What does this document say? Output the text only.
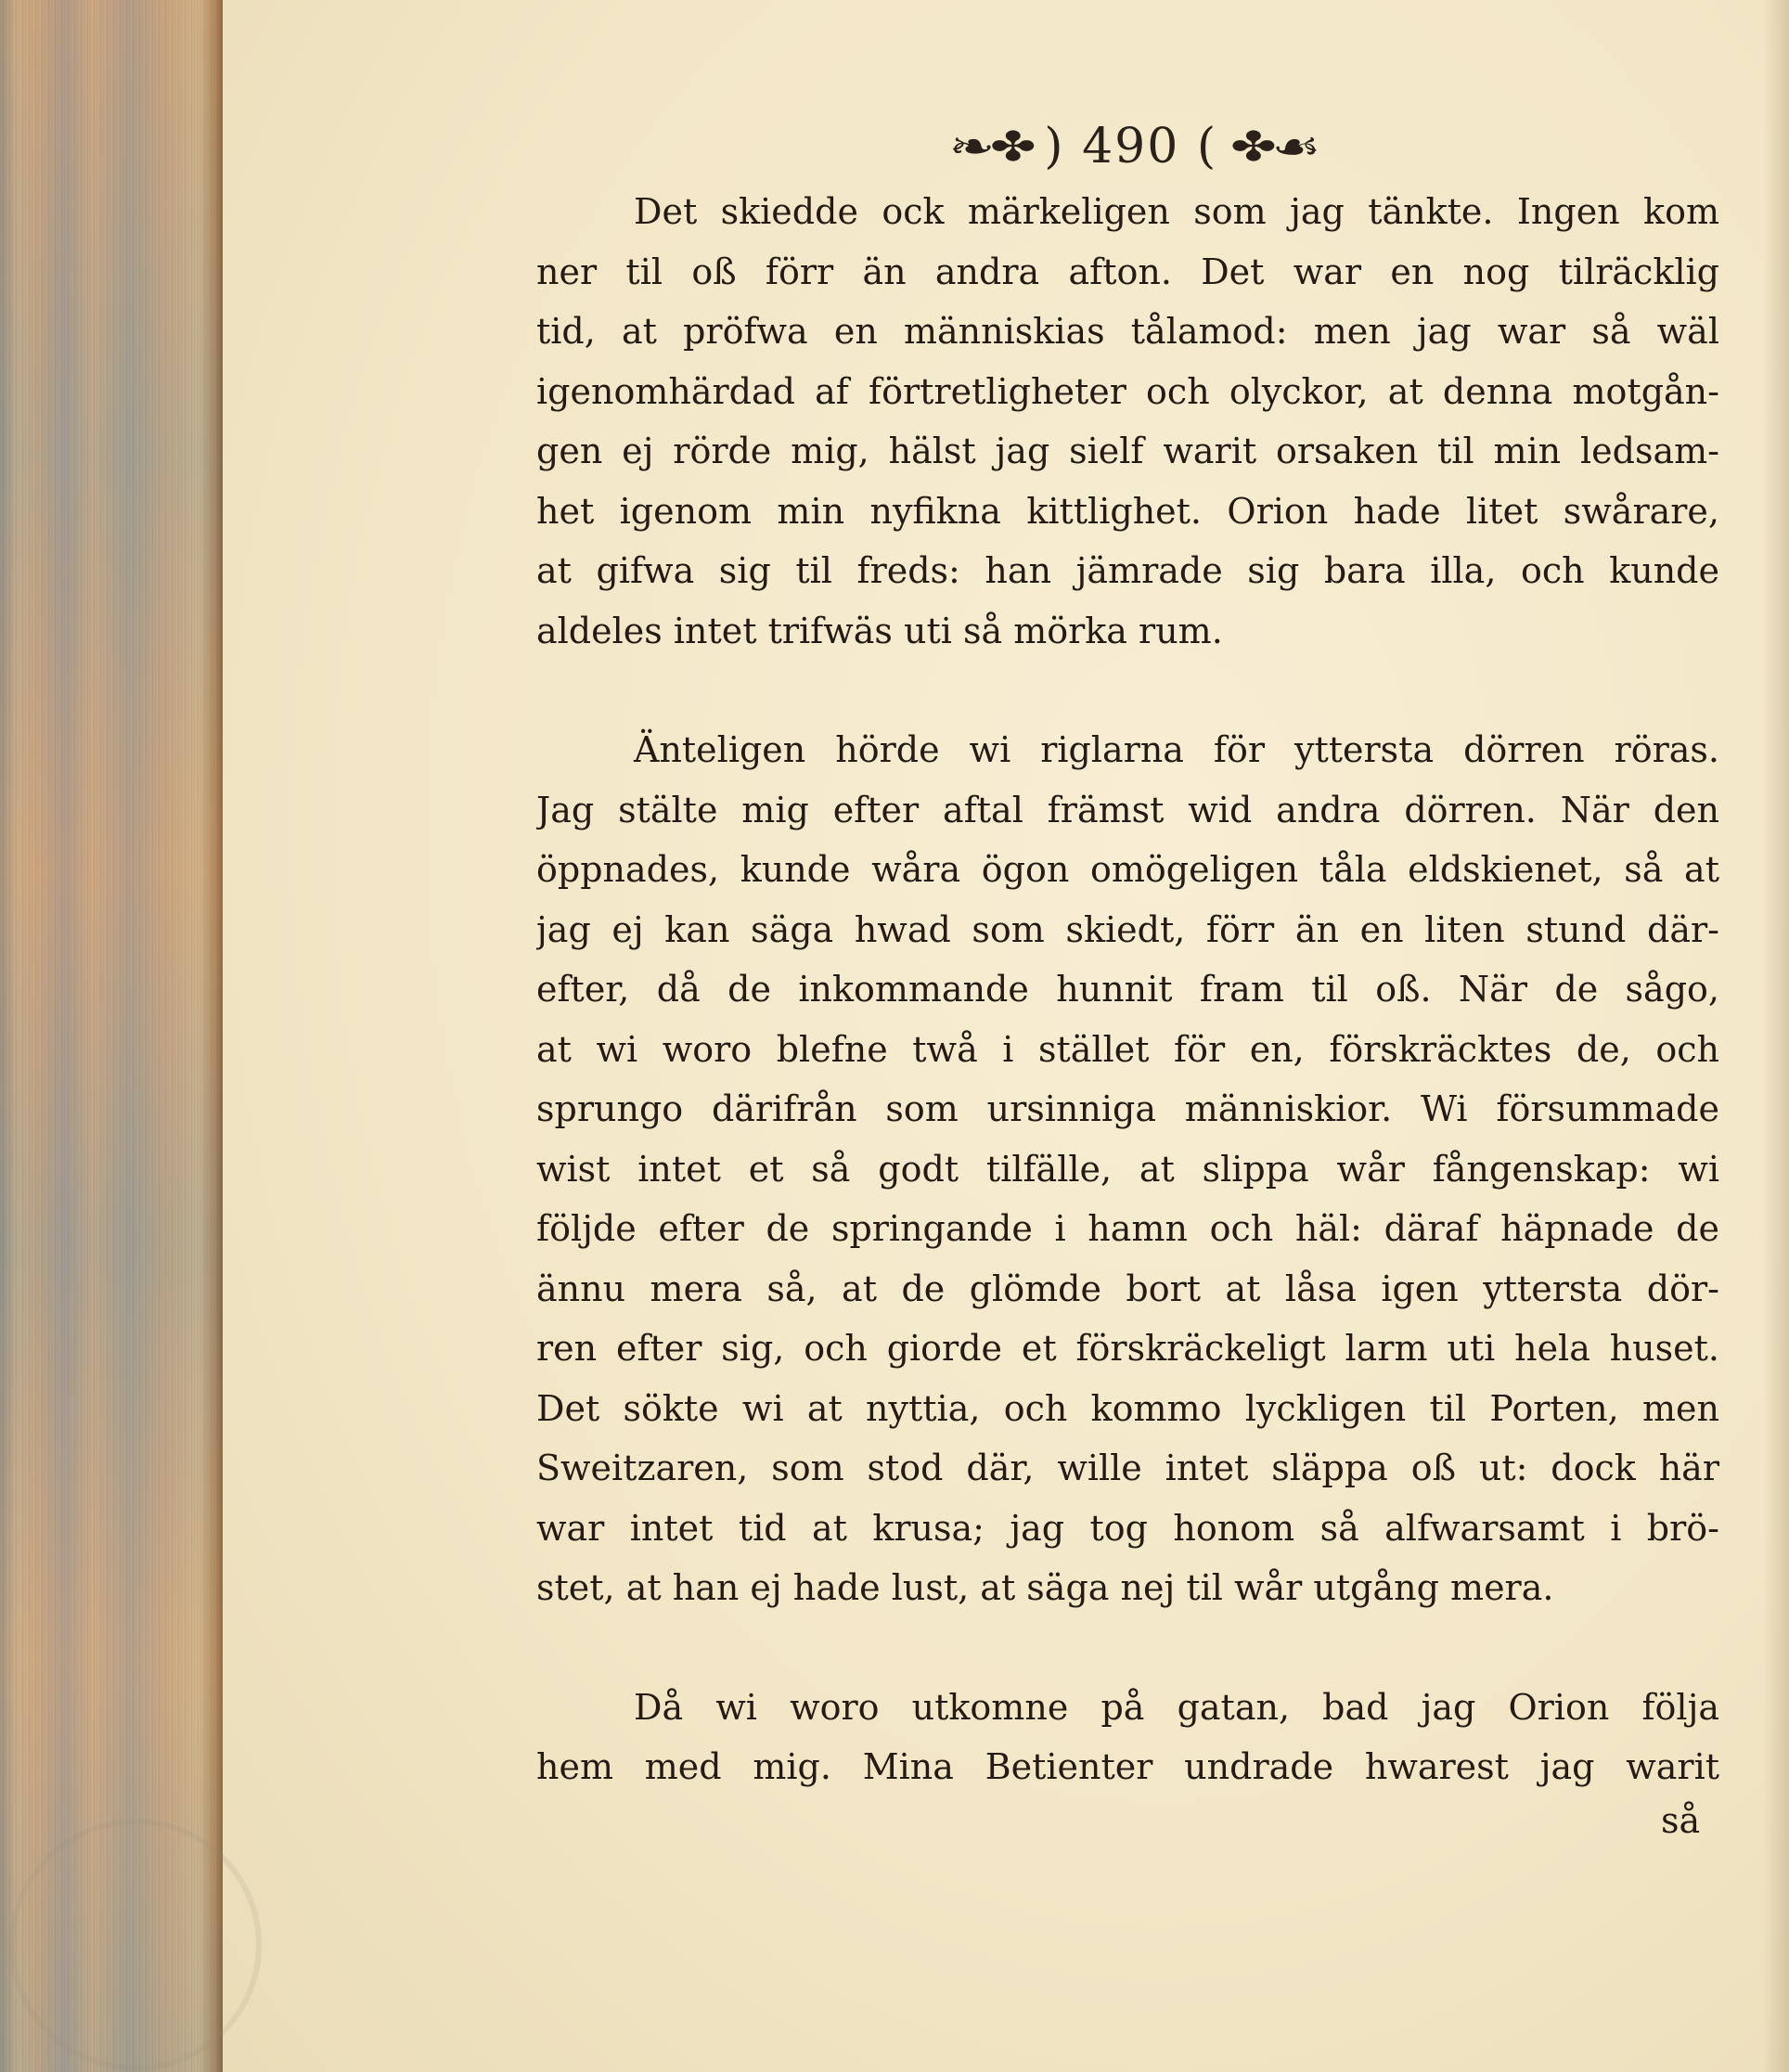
❧✤ ) 490 ( ✤☙
Det skiedde ock märkeligen som jag tänkte. Ingen kom
ner til oß förr än andra afton. Det war en nog tilräcklig
tid, at pröfwa en människias tålamod: men jag war så wäl
igenomhärdad af förtretligheter och olyckor, at denna motgån-
gen ej rörde mig, hälst jag sielf warit orsaken til min ledsam-
het igenom min nyfikna kittlighet. Orion hade litet swårare,
at gifwa sig til freds: han jämrade sig bara illa, och kunde
aldeles intet trifwäs uti så mörka rum.
Änteligen hörde wi riglarna för yttersta dörren röras.
Jag stälte mig efter aftal främst wid andra dörren. När den
öppnades, kunde wåra ögon omögeligen tåla eldskienet, så at
jag ej kan säga hwad som skiedt, förr än en liten stund där-
efter, då de inkommande hunnit fram til oß. När de sågo,
at wi woro blefne twå i stället för en, förskräcktes de, och
sprungo därifrån som ursinniga människior. Wi försummade
wist intet et så godt tilfälle, at slippa wår fångenskap: wi
följde efter de springande i hamn och häl: däraf häpnade de
ännu mera så, at de glömde bort at låsa igen yttersta dör-
ren efter sig, och giorde et förskräckeligt larm uti hela huset.
Det sökte wi at nyttia, och kommo lyckligen til Porten, men
Sweitzaren, som stod där, wille intet släppa oß ut: dock här
war intet tid at krusa; jag tog honom så alfwarsamt i brö-
stet, at han ej hade lust, at säga nej til wår utgång mera.
Då wi woro utkomne på gatan, bad jag Orion följa
hem med mig. Mina Betienter undrade hwarest jag warit
så
